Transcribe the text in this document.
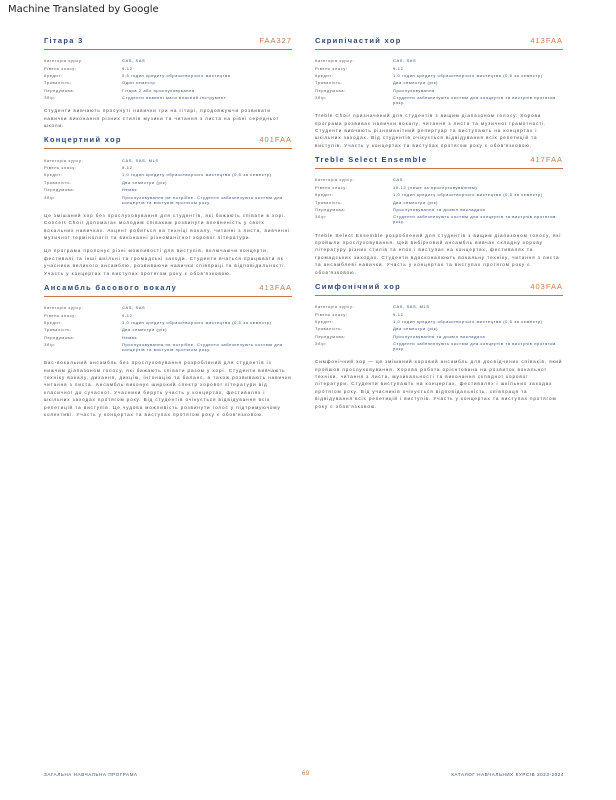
Machine Translated by Google
Гітара 3	FAA327
Категорія курсу:	CAS, SAS
Рівень класу:	9-12
Кредит:	0,5 годин кредиту образотворчого мистецтва
Тривалість:	Один семестр
Передумова:	Гітара 2 або прослуховування
Збір:	Студенти повинні мати власний інструмент

Студенти вивчають просунуті навички гри на гітарі, продовжуючи розвивати навички виконання різних стилів музики та читання з листа на рівні середньої школи.

Концертний хор	401FAA
Категорія курсу:	CAS, SAS, MLS
Рівень класу:	9-12
Кредит:	1,0 годин кредиту образотворчого мистецтва (0,5 за семестр)
Тривалість:	Два семестри (рік)
Передумова:	Немає
Збір:	Прослуховування не потрібне. Студенти забезпечують костюм для концертів та виступів протягом року.

Це змішаний хор без прослуховування для студентів, які бажають співати в хорі. Concert Choir допомагає молодим співакам розвинути впевненість у своїх вокальних навичках. Акцент робиться на техніці вокалу, читанні з листа, вивченні музичної термінології та виконанні різноманітної хорової літератури.

Ця програма пропонує різні можливості для виступів, включаючи концерти, фестивалі та інші шкільні та громадські заходи. Студенти вчаться працювати як учасники великого ансамблю, розвиваючи навички співпраці та відповідальності. Участь у концертах та виступах протягом року є обов'язковою.

Ансамбль басового вокалу	413FAA
Категорія курсу:	CAS, SAS
Рівень класу:	9-12
Кредит:	1,0 годин кредиту образотворчого мистецтва (0,5 за семестр)
Тривалість:	Два семестри (рік)
Передумова:	Немає
Збір:	Прослуховування не потрібне. Студенти забезпечують костюм для концертів та виступів протягом року.

Бас-вокальний ансамбль без прослуховування розроблений для студентів із нижчим діапазоном голосу, які бажають співати разом у хорі. Студенти вивчають техніку вокалу, дихання, дикцію, інтонацію та баланс, а також розвивають навички читання з листа. Ансамбль виконує широкий спектр хорової літератури від класичної до сучасної. Учасники беруть участь у концертах, фестивалях і шкільних заходах протягом року. Від студентів очікується відвідування всіх репетицій та виступів. Це чудова можливість розвинути голос у підтримуючому колективі. Участь у концертах та виступах протягом року є обов'язковою.

Скрипічастий хор	413FAA
Категорія курсу:	CAS, SAS
Рівень класу:	9-12
Кредит:	1,0 годин кредиту образотворчого мистецтва (0,5 за семестр)
Тривалість:	Два семестри (рік)
Передумова:	Прослуховування
Збір:	Студенти забезпечують костюм для концертів та виступів протягом року.

Treble Choir призначений для студентів з вищим діапазоном голосу. Хорова програма розвиває навички вокалу, читання з листа та музичної грамотності. Студенти вивчають різноманітний репертуар та виступають на концертах і шкільних заходах. Від студентів очікується відвідування всіх репетицій та виступів. Участь у концертах та виступах протягом року є обов'язковою.

Treble Select Ensemble	417FAA
Категорія курсу:	CAS
Рівень класу:	10-12 (лише за прослуховуванням)
Кредит:	1,0 годин кредиту образотворчого мистецтва (0,5 за семестр)
Тривалість:	Два семестри (рік)
Передумова:	Прослуховування та дозвіл викладача
Збір:	Студенти забезпечують костюм для концертів та виступів протягом року.

Treble Select Ensemble розроблений для студентів з вищим діапазоном голосу, які пройшли прослуховування. Цей вибірковий ансамбль вивчає складну хорову літературу різних стилів та епох і виступає на концертах, фестивалях та громадських заходах. Студенти вдосконалюють вокальну техніку, читання з листа та ансамблеві навички. Участь у концертах та виступах протягом року є обов'язковою.

Симфонічний хор	403FAA
Категорія курсу:	CAS, SAS, MLS
Рівень класу:	9-12
Кредит:	1,0 годин кредиту образотворчого мистецтва (0,5 за семестр)
Тривалість:	Два семестри (рік)
Передумова:	Прослуховування та дозвіл викладача
Збір:	Студенти забезпечують костюм для концертів та виступів протягом року.

Симфонічний хор — це змішаний хоровий ансамбль для досвідчених співаків, який пройшов прослуховування. Хорова робота орієнтована на розвиток вокальної техніки, читання з листа, музикальності та виконання складної хорової літератури. Студенти виступають на концертах, фестивалях і шкільних заходах протягом року. Від учасників очікується відповідальність, співпраця та відвідування всіх репетицій і виступів. Участь у концертах та виступах протягом року є обов'язковою.

ЗАГАЛЬНА НАВЧАЛЬНА ПРОГРАМА	69	КАТАЛОГ НАВЧАЛЬНИХ КУРСІВ 2023-2024
